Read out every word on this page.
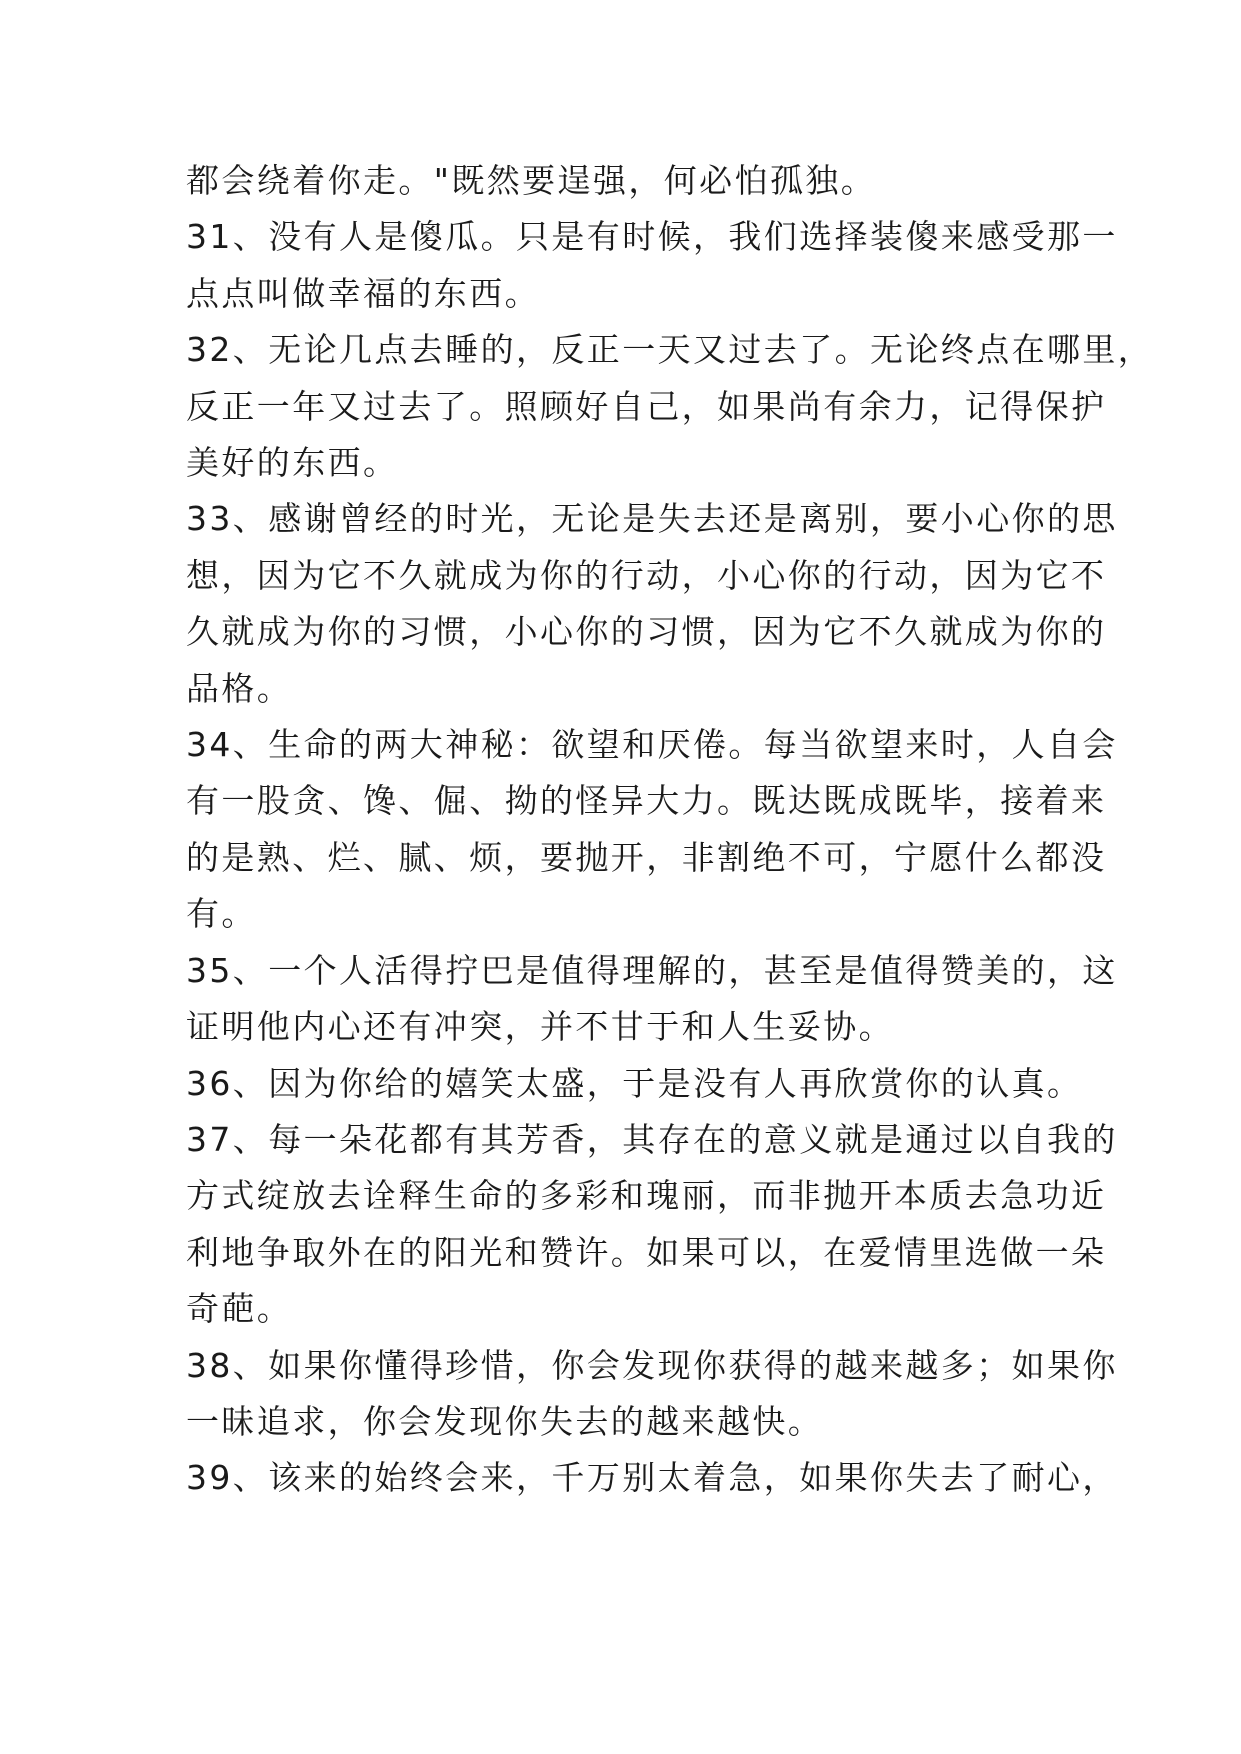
都会绕着你走。"既然要逞强，何必怕孤独。
31、没有人是傻瓜。只是有时候，我们选择装傻来感受那一
点点叫做幸福的东西。
32、无论几点去睡的，反正一天又过去了。无论终点在哪里，
反正一年又过去了。照顾好自己，如果尚有余力，记得保护
美好的东西。
33、感谢曾经的时光，无论是失去还是离别，要小心你的思
想，因为它不久就成为你的行动，小心你的行动，因为它不
久就成为你的习惯，小心你的习惯，因为它不久就成为你的
品格。
34、生命的两大神秘：欲望和厌倦。每当欲望来时，人自会
有一股贪、馋、倔、拗的怪异大力。既达既成既毕，接着来
的是熟、烂、腻、烦，要抛开，非割绝不可，宁愿什么都没
有。
35、一个人活得拧巴是值得理解的，甚至是值得赞美的，这
证明他内心还有冲突，并不甘于和人生妥协。
36、因为你给的嬉笑太盛，于是没有人再欣赏你的认真。
37、每一朵花都有其芳香，其存在的意义就是通过以自我的
方式绽放去诠释生命的多彩和瑰丽，而非抛开本质去急功近
利地争取外在的阳光和赞许。如果可以，在爱情里选做一朵
奇葩。
38、如果你懂得珍惜，你会发现你获得的越来越多；如果你
一昧追求，你会发现你失去的越来越快。
39、该来的始终会来，千万别太着急，如果你失去了耐心，
